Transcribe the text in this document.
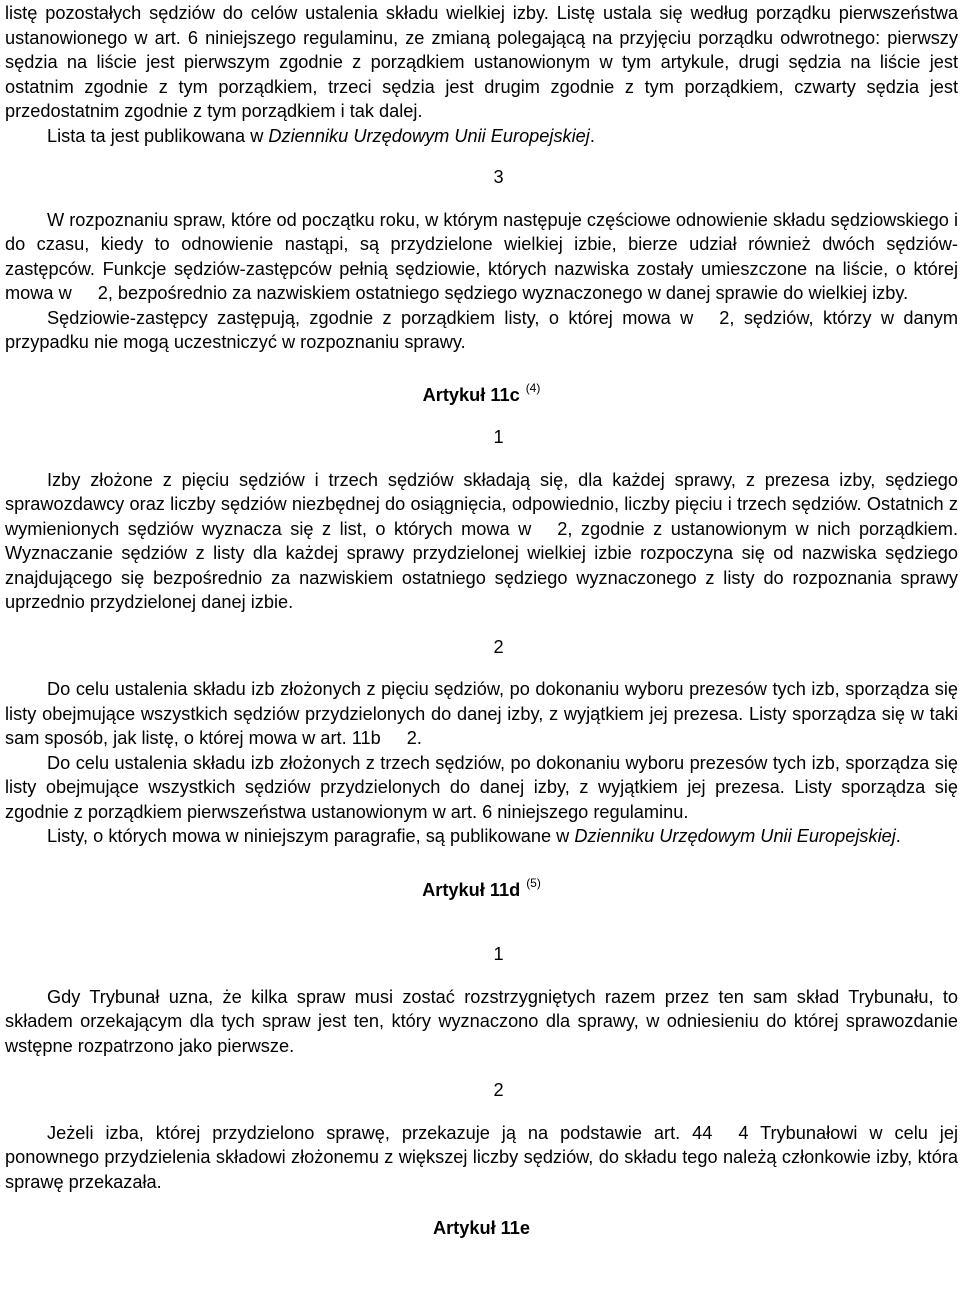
listę pozostałych sędziów do celów ustalenia składu wielkiej izby. Listę ustala się według porządku pierwszeństwa ustanowionego w art. 6 niniejszego regulaminu, ze zmianą polegającą na przyjęciu porządku odwrotnego: pierwszy sędzia na liście jest pierwszym zgodnie z porządkiem ustanowionym w tym artykule, drugi sędzia na liście jest ostatnim zgodnie z tym porządkiem, trzeci sędzia jest drugim zgodnie z tym porządkiem, czwarty sędzia jest przedostatnim zgodnie z tym porządkiem i tak dalej.

Lista ta jest publikowana w Dzienniku Urzędowym Unii Europejskiej.

3

W rozpoznaniu spraw, które od początku roku, w którym następuje częściowe odnowienie składu sędziowskiego i do czasu, kiedy to odnowienie nastąpi, są przydzielone wielkiej izbie, bierze udział również dwóch sędziów-zastępców. Funkcje sędziów-zastępców pełnią sędziowie, których nazwiska zostały umieszczone na liście, o której mowa w 2, bezpośrednio za nazwiskiem ostatniego sędziego wyznaczonego w danej sprawie do wielkiej izby.

Sędziowie-zastępcy zastępują, zgodnie z porządkiem listy, o której mowa w 2, sędziów, którzy w danym przypadku nie mogą uczestniczyć w rozpoznaniu sprawy.

Artykuł 11c $^{(4)}$

1

Izby złożone z pięciu sędziów i trzech sędziów składają się, dla każdej sprawy, z prezesa izby, sędziego sprawozdawcy oraz liczby sędziów niezbędnej do osiągnięcia, odpowiednio, liczby pięciu i trzech sędziów. Ostatnich z wymienionych sędziów wyznacza się z list, o których mowa w 2, zgodnie z ustanowionym w nich porządkiem. Wyznaczanie sędziów z listy dla każdej sprawy przydzielonej wielkiej izbie rozpoczyna się od nazwiska sędziego znajdującego się bezpośrednio za nazwiskiem ostatniego sędziego wyznaczonego z listy do rozpoznania sprawy uprzednio przydzielonej danej izbie.

2

Do celu ustalenia składu izb złożonych z pięciu sędziów, po dokonaniu wyboru prezesów tych izb, sporządza się listy obejmujące wszystkich sędziów przydzielonych do danej izby, z wyjątkiem jej prezesa. Listy sporządza się w taki sam sposób, jak listę, o której mowa w art. 11b 2.

Do celu ustalenia składu izb złożonych z trzech sędziów, po dokonaniu wyboru prezesów tych izb, sporządza się listy obejmujące wszystkich sędziów przydzielonych do danej izby, z wyjątkiem jej prezesa. Listy sporządza się zgodnie z porządkiem pierwszeństwa ustanowionym w art. 6 niniejszego regulaminu.

Listy, o których mowa w niniejszym paragrafie, są publikowane w Dzienniku Urzędowym Unii Europejskiej.

Artykuł 11d $^{(5)}$

1

Gdy Trybunał uzna, że kilka spraw musi zostać rozstrzygniętych razem przez ten sam skład Trybunału, to składem orzekającym dla tych spraw jest ten, który wyznaczono dla sprawy, w odniesieniu do której sprawozdanie wstępne rozpatrzono jako pierwsze.

2

Jeżeli izba, której przydzielono sprawę, przekazuje ją na podstawie art. 44 4 Trybunałowi w celu jej ponownego przydzielenia składowi złożonemu z większej liczby sędziów, do składu tego należą członkowie izby, która sprawę przekazała.

Artykuł 11e
